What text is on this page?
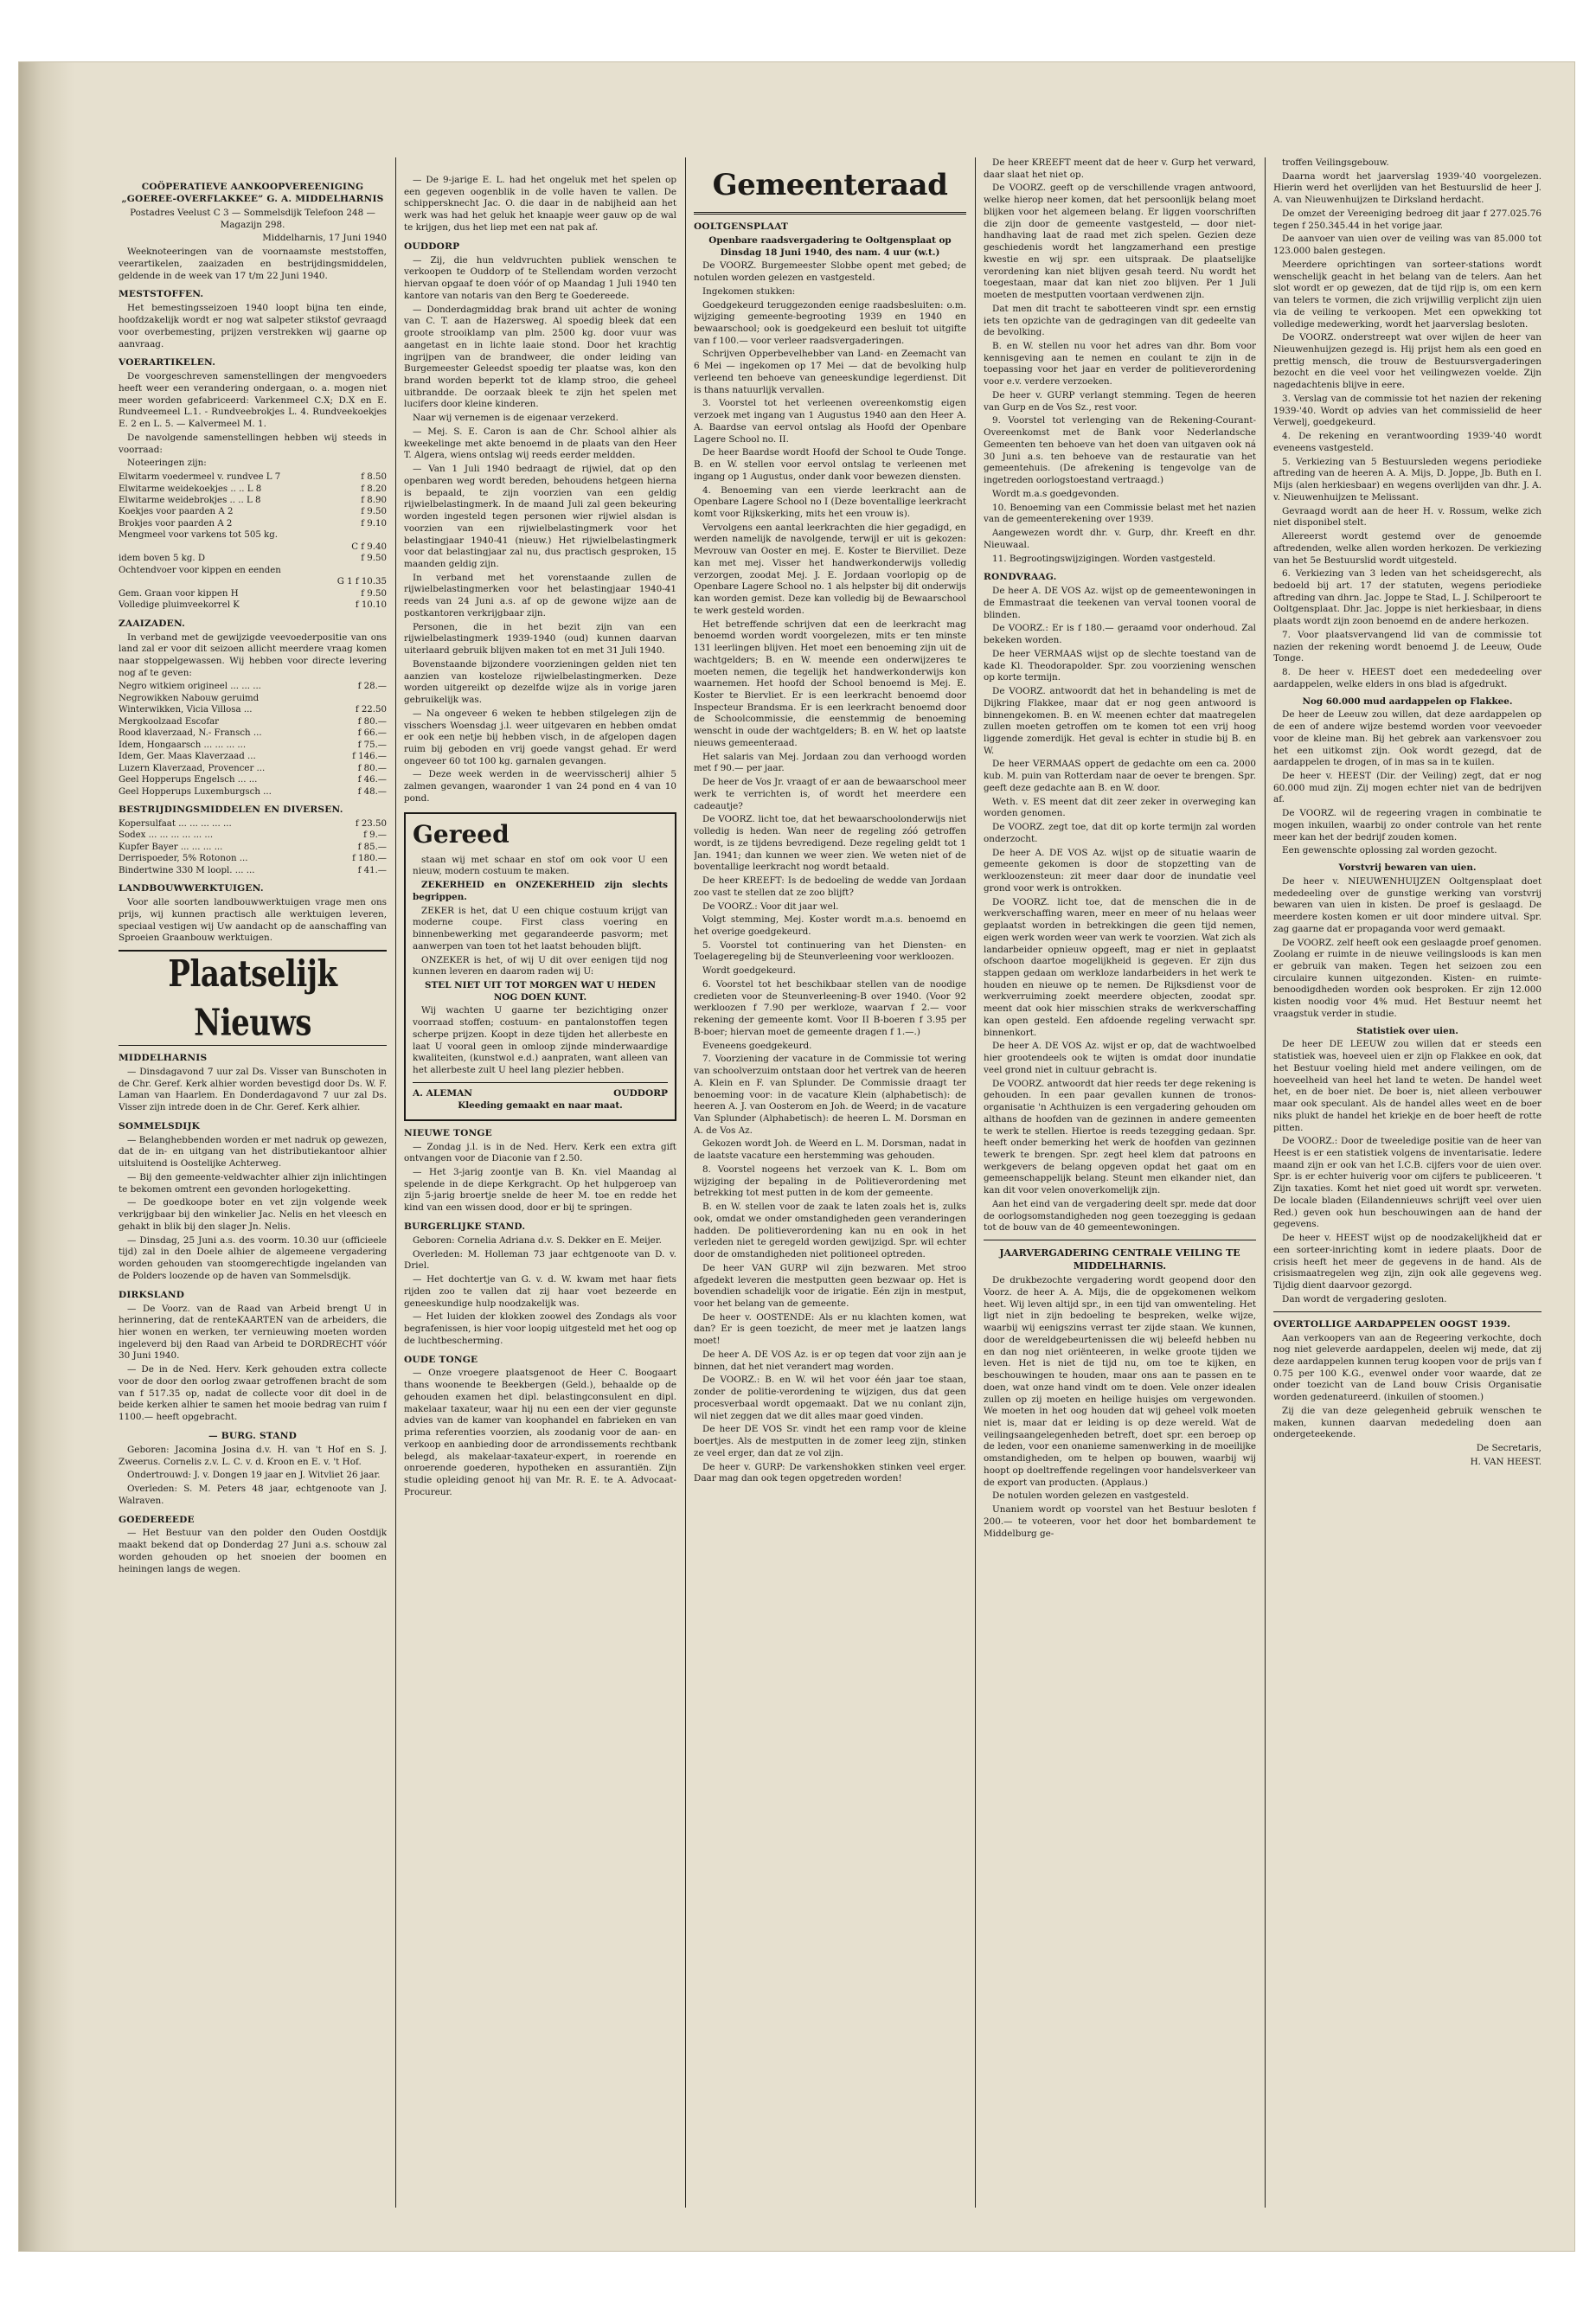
COÖPERATIEVE AANKOOPVEREENIGING „GOEREE-OVERFLAKKEE” G. A. MIDDELHARNIS

Postadres Veelust C 3 — Sommelsdijk Telefoon 248 — Magazijn 298.

Middelharnis, 17 Juni 1940

Weeknoteeringen van de voornaamste meststoffen, veerartikelen, zaaizaden en bestrijdingsmiddelen, geldende in de week van 17 t/m 22 Juni 1940.

MESTSTOFFEN.

Het bemestingsseizoen 1940 loopt bijna ten einde, hoofdzakelijk wordt er nog wat salpeter stikstof gevraagd voor overbemesting, prijzen verstrekken wij gaarne op aanvraag.

VOERARTIKELEN.

De voorgeschreven samenstellingen der mengvoeders heeft weer een verandering ondergaan, o. a. mogen niet meer worden gefabriceerd: Varkenmeel C.X; D.X en E. Rundveemeel L.1. - Rundveebrokjes L. 4. Rundveekoekjes E. 2 en L. 5. — Kalvermeel M. 1.

De navolgende samenstellingen hebben wij steeds in voorraad:

Noteeringen zijn:

Elwitarm voedermeel v. rundvee L 7	f 8.50
Elwitarme weidekoekjes .. .. L 8	f 8.20
Elwitarme weidebrokjes .. .. L 8	f 8.90
Koekjes voor paarden A 2	f 9.50
Brokjes voor paarden A 2	f 9.10
Mengmeel voor varkens tot 505 kg.	
	C f 9.40
idem boven 5 kg. D	f 9.50
Ochtendvoer voor kippen en eenden	
	G 1 f 10.35
Gem. Graan voor kippen H	f 9.50
Volledige pluimveekorrel K	f 10.10
ZAAIZADEN.

In verband met de gewijzigde veevoederpositie van ons land zal er voor dit seizoen allicht meerdere vraag komen naar stoppelgewassen. Wij hebben voor directe levering nog af te geven:

Negro witkiem origineel ... ... ...	f 28.—
Negrowikken Nabouw geruimd	
Winterwikken, Vicia Villosa ...	f 22.50
Mergkoolzaad Escofar	f 80.—
Rood klaverzaad, N.- Fransch ...	f 66.—
Idem, Hongaarsch ... ... ... ...	f 75.—
Idem, Ger. Maas Klaverzaad ...	f 146.—
Luzern Klaverzaad, Provencer ...	f 80.—
Geel Hopperups Engelsch ... ...	f 46.—
Geel Hopperups Luxemburgsch ...	f 48.—
BESTRIJDINGSMIDDELEN EN DIVERSEN.
Kopersulfaat ... ... ... ... ...	f 23.50
Sodex ... ... ... ... ... ...	f 9.—
Kupfer Bayer ... ... ... ...	f 85.—
Derrispoeder, 5% Rotonon ...	f 180.—
Bindertwine 330 M loopl. ... ...	f 41.—
LANDBOUWWERKTUIGEN.

Voor alle soorten landbouwwerktuigen vrage men ons prijs, wij kunnen practisch alle werktuigen leveren, speciaal vestigen wij Uw aandacht op de aanschaffing van Sproeien Graanbouw werktuigen.

Plaatselijk Nieuws
MIDDELHARNIS

— Dinsdagavond 7 uur zal Ds. Visser van Bunschoten in de Chr. Geref. Kerk alhier worden bevestigd door Ds. W. F. Laman van Haarlem. En Donderdagavond 7 uur zal Ds. Visser zijn intrede doen in de Chr. Geref. Kerk alhier.

SOMMELSDIJK

— Belanghebbenden worden er met nadruk op gewezen, dat de in- en uitgang van het distributiekantoor alhier uitsluitend is Oostelijke Achterweg.

— Bij den gemeente-veldwachter alhier zijn inlichtingen te bekomen omtrent een gevonden horlogeketting.

— De goedkoope boter en vet zijn volgende week verkrijgbaar bij den winkelier Jac. Nelis en het vleesch en gehakt in blik bij den slager Jn. Nelis.

— Dinsdag, 25 Juni a.s. des voorm. 10.30 uur (officieele tijd) zal in den Doele alhier de algemeene vergadering worden gehouden van stoomgerechtigde ingelanden van de Polders loozende op de haven van Sommelsdijk.

DIRKSLAND

— De Voorz. van de Raad van Arbeid brengt U in herinnering, dat de renteKAARTEN van de arbeiders, die hier wonen en werken, ter vernieuwing moeten worden ingeleverd bij den Raad van Arbeid te DORDRECHT vóór 30 Juni 1940.

— De in de Ned. Herv. Kerk gehouden extra collecte voor de door den oorlog zwaar getroffenen bracht de som van f 517.35 op, nadat de collecte voor dit doel in de beide kerken alhier te samen het mooie bedrag van ruim f 1100.— heeft opgebracht.

— BURG. STAND

Geboren: Jacomina Josina d.v. H. van 't Hof en S. J. Zweerus. Cornelis z.v. L. C. v. d. Kroon en E. v. 't Hof.

Ondertrouwd: J. v. Dongen 19 jaar en J. Witvliet 26 jaar.

Overleden: S. M. Peters 48 jaar, echtgenoote van J. Walraven.

GOEDEREEDE

— Het Bestuur van den polder den Ouden Oostdijk maakt bekend dat op Donderdag 27 Juni a.s. schouw zal worden gehouden op het snoeien der boomen en heiningen langs de wegen.

— De 9-jarige E. L. had het ongeluk met het spelen op een gegeven oogenblik in de volle haven te vallen. De schippersknecht Jac. O. die daar in de nabijheid aan het werk was had het geluk het knaapje weer gauw op de wal te krijgen, dus het liep met een nat pak af.

OUDDORP

— Zij, die hun veldvruchten publiek wenschen te verkoopen te Ouddorp of te Stellendam worden verzocht hiervan opgaaf te doen vóór of op Maandag 1 Juli 1940 ten kantore van notaris van den Berg te Goedereede.

— Donderdagmiddag brak brand uit achter de woning van C. T. aan de Hazersweg. Al spoedig bleek dat een groote strooiklamp van plm. 2500 kg. door vuur was aangetast en in lichte laaie stond. Door het krachtig ingrijpen van de brandweer, die onder leiding van Burgemeester Geleedst spoedig ter plaatse was, kon den brand worden beperkt tot de klamp stroo, die geheel uitbrandde. De oorzaak bleek te zijn het spelen met lucifers door kleine kinderen.

Naar wij vernemen is de eigenaar verzekerd.

— Mej. S. E. Caron is aan de Chr. School alhier als kweekelinge met akte benoemd in de plaats van den Heer T. Algera, wiens ontslag wij reeds eerder meldden.

— Van 1 Juli 1940 bedraagt de rijwiel, dat op den openbaren weg wordt bereden, behoudens hetgeen hierna is bepaald, te zijn voorzien van een geldig rijwielbelastingmerk. In de maand Juli zal geen bekeuring worden ingesteld tegen personen wier rijwiel alsdan is voorzien van een rijwielbelastingmerk voor het belastingjaar 1940-41 (nieuw.) Het rijwielbelastingmerk voor dat belastingjaar zal nu, dus practisch gesproken, 15 maanden geldig zijn.

In verband met het vorenstaande zullen de rijwielbelastingmerken voor het belastingjaar 1940-41 reeds van 24 Juni a.s. af op de gewone wijze aan de postkantoren verkrijgbaar zijn.

Personen, die in het bezit zijn van een rijwielbelastingmerk 1939-1940 (oud) kunnen daarvan uiterlaard gebruik blijven maken tot en met 31 Juli 1940.

Bovenstaande bijzondere voorzieningen gelden niet ten aanzien van kosteloze rijwielbelastingmerken. Deze worden uitgereikt op dezelfde wijze als in vorige jaren gebruikelijk was.

— Na ongeveer 6 weken te hebben stilgelegen zijn de visschers Woensdag j.l. weer uitgevaren en hebben omdat er ook een netje bij hebben visch, in de afgelopen dagen ruim bij geboden en vrij goede vangst gehad. Er werd ongeveer 60 tot 100 kg. garnalen gevangen.

— Deze week werden in de weervisscherij alhier 5 zalmen gevangen, waaronder 1 van 24 pond en 4 van 10 pond.

Gereed

staan wij met schaar en stof om ook voor U een nieuw, modern costuum te maken.

ZEKERHEID en ONZEKERHEID zijn slechts begrippen.

ZEKER is het, dat U een chique costuum krijgt van moderne coupe. First class voering en binnenbewerking met gegarandeerde pasvorm; met aanwerpen van toen tot het laatst behouden blijft.

ONZEKER is het, of wij U dit over eenigen tijd nog kunnen leveren en daarom raden wij U:

STEL NIET UIT TOT MORGEN WAT U HEDEN NOG DOEN KUNT.

Wij wachten U gaarne ter bezichtiging onzer voorraad stoffen; costuum- en pantalonstoffen tegen scherpe prijzen. Koopt in deze tijden het allerbeste en laat U vooral geen in omloop zijnde minderwaardige kwaliteiten, (kunstwol e.d.) aanpraten, want alleen van het allerbeste zult U heel lang plezier hebben.

A. ALEMAN	OUDDORP

Kleeding gemaakt en naar maat.

NIEUWE TONGE

— Zondag j.l. is in de Ned. Herv. Kerk een extra gift ontvangen voor de Diaconie van f 2.50.

— Het 3-jarig zoontje van B. Kn. viel Maandag al spelende in de diepe Kerkgracht. Op het hulpgeroep van zijn 5-jarig broertje snelde de heer M. toe en redde het kind van een wissen dood, door er bij te springen.

BURGERLIJKE STAND.

Geboren: Cornelia Adriana d.v. S. Dekker en E. Meijer.

Overleden: M. Holleman 73 jaar echtgenoote van D. v. Driel.

— Het dochtertje van G. v. d. W. kwam met haar fiets rijden zoo te vallen dat zij haar voet bezeerde en geneeskundige hulp noodzakelijk was.

— Het luiden der klokken zoowel des Zondags als voor begrafenissen, is hier voor loopig uitgesteld met het oog op de luchtbescherming.

OUDE TONGE

— Onze vroegere plaatsgenoot de Heer C. Boogaart thans woonende te Beekbergen (Geld.), behaalde op de gehouden examen het dipl. belastingconsulent en dipl. makelaar taxateur, waar hij nu een een der vier gegunste advies van de kamer van koophandel en fabrieken en van prima referenties voorzien, als zoodanig voor de aan- en verkoop en aanbieding door de arrondissements rechtbank belegd, als makelaar-taxateur-expert, in roerende en onroerende goederen, hypotheken en assurantiën. Zijn studie opleiding genoot hij van Mr. R. E. te A. Advocaat-Procureur.

Gemeenteraad
OOLTGENSPLAAT

Openbare raadsvergadering te Ooltgensplaat op Dinsdag 18 Juni 1940, des nam. 4 uur (w.t.)

De VOORZ. Burgemeester Slobbe opent met gebed; de notulen worden gelezen en vastgesteld.

Ingekomen stukken:

Goedgekeurd teruggezonden eenige raadsbesluiten: o.m. wijziging gemeente-begrooting 1939 en 1940 en bewaarschool; ook is goedgekeurd een besluit tot uitgifte van f 100.— voor verleer raadsvergaderingen.

Schrijven Opperbevelhebber van Land- en Zeemacht van 6 Mei — ingekomen op 17 Mei — dat de bevolking hulp verleend ten behoeve van geneeskundige legerdienst. Dit is thans natuurlijk vervallen.

3. Voorstel tot het verleenen overeenkomstig eigen verzoek met ingang van 1 Augustus 1940 aan den Heer A. A. Baardse van eervol ontslag als Hoofd der Openbare Lagere School no. II.

De heer Baardse wordt Hoofd der School te Oude Tonge. B. en W. stellen voor eervol ontslag te verleenen met ingang op 1 Augustus, onder dank voor bewezen diensten.

4. Benoeming van een vierde leerkracht aan de Openbare Lagere School no I (Deze boventallige leerkracht komt voor Rijkskerking, mits het een vrouw is).

Vervolgens een aantal leerkrachten die hier gegadigd, en werden namelijk de navolgende, terwijl er uit is gekozen: Mevrouw van Ooster en mej. E. Koster te Bierviliet. Deze kan met mej. Visser het handwerkonderwijs volledig verzorgen, zoodat Mej. J. E. Jordaan voorlopig op de Openbare Lagere School no. 1 als helpster bij dit onderwijs kan worden gemist. Deze kan volledig bij de Bewaarschool te werk gesteld worden.

Het betreffende schrijven dat een de leerkracht mag benoemd worden wordt voorgelezen, mits er ten minste 131 leerlingen blijven. Het moet een benoeming zijn uit de wachtgelders; B. en W. meende een onderwijzeres te moeten nemen, die tegelijk het handwerkonderwijs kon waarnemen. Het hoofd der School benoemd is Mej. E. Koster te Biervliet. Er is een leerkracht benoemd door Inspecteur Brandsma. Er is een leerkracht benoemd door de Schoolcommissie, die eenstemmig de benoeming wenscht in oude der wachtgelders; B. en W. het op laatste nieuws gemeenteraad.

Het salaris van Mej. Jordaan zou dan verhoogd worden met f 90.— per jaar.

De heer de Vos Jr. vraagt of er aan de bewaarschool meer werk te verrichten is, of wordt het meerdere een cadeautje?

De VOORZ. licht toe, dat het bewaarschoolonderwijs niet volledig is heden. Wan neer de regeling zóó getroffen wordt, is ze tijdens bevredigend. Deze regeling geldt tot 1 Jan. 1941; dan kunnen we weer zien. We weten niet of de boventallige leerkracht nog wordt betaald.

De heer KREEFT: Is de bedoeling de wedde van Jordaan zoo vast te stellen dat ze zoo blijft?

De VOORZ.: Voor dit jaar wel.

Volgt stemming, Mej. Koster wordt m.a.s. benoemd en het overige goedgekeurd.

5. Voorstel tot continuering van het Diensten- en Toelageregeling bij de Steunverleening voor werkloozen.

Wordt goedgekeurd.

6. Voorstel tot het beschikbaar stellen van de noodige credieten voor de Steunverleening-B over 1940. (Voor 92 werkloozen f 7.90 per werkloze, waarvan f 2.— voor rekening der gemeente komt. Voor II B-boeren f 3.95 per B-boer; hiervan moet de gemeente dragen f 1.—.)

Eveneens goedgekeurd.

7. Voorziening der vacature in de Commissie tot wering van schoolverzuim ontstaan door het vertrek van de heeren A. Klein en F. van Splunder. De Commissie draagt ter benoeming voor: in de vacature Klein (alphabetisch): de heeren A. J. van Oosterom en Joh. de Weerd; in de vacature Van Splunder (Alphabetisch): de heeren L. M. Dorsman en A. de Vos Az.

Gekozen wordt Joh. de Weerd en L. M. Dorsman, nadat in de laatste vacature een herstemming was gehouden.

8. Voorstel nogeens het verzoek van K. L. Bom om wijziging der bepaling in de Politieverordening met betrekking tot mest putten in de kom der gemeente.

B. en W. stellen voor de zaak te laten zoals het is, zulks ook, omdat we onder omstandigheden geen veranderingen hadden. De politieverordening kan nu en ook in het verleden niet te geregeld worden gewijzigd. Spr. wil echter door de omstandigheden niet politioneel optreden.

De heer VAN GURP wil zijn bezwaren. Met stroo afgedekt leveren die mestputten geen bezwaar op. Het is bovendien schadelijk voor de irigatie. Eén zijn in mestput, voor het belang van de gemeente.

De heer v. OOSTENDE: Als er nu klachten komen, wat dan? Er is geen toezicht, de meer met je laatzen langs moet!

De heer A. DE VOS Az. is er op tegen dat voor zijn aan je binnen, dat het niet verandert mag worden.

De VOORZ.: B. en W. wil het voor één jaar toe staan, zonder de politie-verordening te wijzigen, dus dat geen procesverbaal wordt opgemaakt. Dat we nu conlant zijn, wil niet zeggen dat we dit alles maar goed vinden.

De heer DE VOS Sr. vindt het een ramp voor de kleine boertjes. Als de mestputten in de zomer leeg zijn, stinken ze veel erger, dan dat ze vol zijn.

De heer v. GURP: De varkenshokken stinken veel erger. Daar mag dan ook tegen opgetreden worden!

De heer KREEFT meent dat de heer v. Gurp het verward, daar slaat het niet op.

De VOORZ. geeft op de verschillende vragen antwoord, welke hierop neer komen, dat het persoonlijk belang moet blijken voor het algemeen belang. Er liggen voorschriften die zijn door de gemeente vastgesteld, — door niet-handhaving laat de raad met zich spelen. Gezien deze geschiedenis wordt het langzamerhand een prestige kwestie en wij spr. een uitspraak. De plaatselijke verordening kan niet blijven gesah teerd. Nu wordt het toegestaan, maar dat kan niet zoo blijven. Per 1 Juli moeten de mestputten voortaan verdwenen zijn.

Dat men dit tracht te sabotteeren vindt spr. een ernstig iets ten opzichte van de gedragingen van dit gedeelte van de bevolking.

B. en W. stellen nu voor het adres van dhr. Bom voor kennisgeving aan te nemen en coulant te zijn in de toepassing voor het jaar en verder de politieverordening voor e.v. verdere verzoeken.

De heer v. GURP verlangt stemming. Tegen de heeren van Gurp en de Vos Sz., rest voor.

9. Voorstel tot verlenging van de Rekening-Courant-Overeenkomst met de Bank voor Nederlandsche Gemeenten ten behoeve van het doen van uitgaven ook ná 30 Juni a.s. ten behoeve van de restauratie van het gemeentehuis. (De afrekening is tengevolge van de ingetreden oorlogstoestand vertraagd.)

Wordt m.a.s goedgevonden.

10. Benoeming van een Commissie belast met het nazien van de gemeenterekening over 1939.

Aangewezen wordt dhr. v. Gurp, dhr. Kreeft en dhr. Nieuwaal.

11. Begrootingswijzigingen. Worden vastgesteld.

RONDVRAAG.

De heer A. DE VOS Az. wijst op de gemeentewoningen in de Emmastraat die teekenen van verval toonen vooral de blinden.

De VOORZ.: Er is f 180.— geraamd voor onderhoud. Zal bekeken worden.

De heer VERMAAS wijst op de slechte toestand van de kade Kl. Theodorapolder. Spr. zou voorziening wenschen op korte termijn.

De VOORZ. antwoordt dat het in behandeling is met de Dijkring Flakkee, maar dat er nog geen antwoord is binnengekomen. B. en W. meenen echter dat maatregelen zullen moeten getroffen om te komen tot een vrij hoog liggende zomerdijk. Het geval is echter in studie bij B. en W.

De heer VERMAAS oppert de gedachte om een ca. 2000 kub. M. puin van Rotterdam naar de oever te brengen. Spr. geeft deze gedachte aan B. en W. door.

Weth. v. ES meent dat dit zeer zeker in overweging kan worden genomen.

De VOORZ. zegt toe, dat dit op korte termijn zal worden onderzocht.

De heer A. DE VOS Az. wijst op de situatie waarin de gemeente gekomen is door de stopzetting van de werkloozensteun: zit meer daar door de inundatie veel grond voor werk is ontrokken.

De VOORZ. licht toe, dat de menschen die in de werkverschaffing waren, meer en meer of nu helaas weer geplaatst worden in betrekkingen die geen tijd nemen, eigen werk worden weer van werk te voorzien. Wat zich als landarbeider opnieuw opgeeft, mag er niet in geplaatst ofschoon daartoe mogelijkheid is gegeven. Er zijn dus stappen gedaan om werkloze landarbeiders in het werk te houden en nieuwe op te nemen. De Rijksdienst voor de werkverruiming zoekt meerdere objecten, zoodat spr. meent dat ook hier misschien straks de werkverschaffing kan open gesteld. Een afdoende regeling verwacht spr. binnenkort.

De heer A. DE VOS Az. wijst er op, dat de wachtwoelbed hier grootendeels ook te wijten is omdat door inundatie veel grond niet in cultuur gebracht is.

De VOORZ. antwoordt dat hier reeds ter dege rekening is gehouden. In een paar gevallen kunnen de tronos-organisatie 'n Achthuizen is een vergadering gehouden om althans de hoofden van de gezinnen in andere gemeenten te werk te stellen. Hiertoe is reeds tezegging gedaan. Spr. heeft onder bemerking het werk de hoofden van gezinnen tewerk te brengen. Spr. zegt heel klem dat patroons en werkgevers de belang opgeven opdat het gaat om en gemeenschappelijk belang. Steunt men elkander niet, dan kan dit voor velen onoverkomelijk zijn.

Aan het eind van de vergadering deelt spr. mede dat door de oorlogsomstandigheden nog geen toezegging is gedaan tot de bouw van de 40 gemeentewoningen.

JAARVERGADERING CENTRALE VEILING TE MIDDELHARNIS.

De drukbezochte vergadering wordt geopend door den Voorz. de heer A. A. Mijs, die de opgekomenen welkom heet. Wij leven altijd spr., in een tijd van omwenteling. Het ligt niet in zijn bedoeling te bespreken, welke wijze, waarbij wij eenigszins verrast ter zijde staan. We kunnen, door de wereldgebeurtenissen die wij beleefd hebben nu en dan nog niet oriënteeren, in welke groote tijden we leven. Het is niet de tijd nu, om toe te kijken, en beschouwingen te houden, maar ons aan te passen en te doen, wat onze hand vindt om te doen. Vele onzer idealen zullen op zij moeten en heilige huisjes om vergewonden. We moeten in het oog houden dat wij geheel volk moeten niet is, maar dat er leiding is op deze wereld. Wat de veilingsaangelegenheden betreft, doet spr. een beroep op de leden, voor een onanieme samenwerking in de moeilijke omstandigheden, om te helpen op bouwen, waarbij wij hoopt op doeltreffende regelingen voor handelsverkeer van de export van producten. (Applaus.)

De notulen worden gelezen en vastgesteld.

Unaniem wordt op voorstel van het Bestuur besloten f 200.— te voteeren, voor het door het bombardement te Middelburg ge-

troffen Veilingsgebouw.

Daarna wordt het jaarverslag 1939-'40 voorgelezen. Hierin werd het overlijden van het Bestuurslid de heer J. A. van Nieuwenhuijzen te Dirksland herdacht.

De omzet der Vereeniging bedroeg dit jaar f 277.025.76 tegen f 250.345.44 in het vorige jaar.

De aanvoer van uien over de veiling was van 85.000 tot 123.000 balen gestegen.

Meerdere oprichtingen van sorteer-stations wordt wenschelijk geacht in het belang van de telers. Aan het slot wordt er op gewezen, dat de tijd rijp is, om een kern van telers te vormen, die zich vrijwillig verplicht zijn uien via de veiling te verkoopen. Met een opwekking tot volledige medewerking, wordt het jaarverslag besloten.

De VOORZ. onderstreept wat over wijlen de heer van Nieuwenhuijzen gezegd is. Hij prijst hem als een goed en prettig mensch, die trouw de Bestuursvergaderingen bezocht en die veel voor het veilingwezen voelde. Zijn nagedachtenis blijve in eere.

3. Verslag van de commissie tot het nazien der rekening 1939-'40. Wordt op advies van het commissielid de heer Verwelj, goedgekeurd.

4. De rekening en verantwoording 1939-'40 wordt eveneens vastgesteld.

5. Verkiezing van 5 Bestuursleden wegens periodieke aftreding van de heeren A. A. Mijs, D. Joppe, Jb. Buth en I. Mijs (alen herkiesbaar) en wegens overlijden van dhr. J. A. v. Nieuwenhuijzen te Melissant.

Gevraagd wordt aan de heer H. v. Rossum, welke zich niet disponibel stelt.

Allereerst wordt gestemd over de genoemde aftredenden, welke allen worden herkozen. De verkiezing van het 5e Bestuurslid wordt uitgesteld.

6. Verkiezing van 3 leden van het scheidsgerecht, als bedoeld bij art. 17 der statuten, wegens periodieke aftreding van dhrn. Jac. Joppe te Stad, L. J. Schilperoort te Ooltgensplaat. Dhr. Jac. Joppe is niet herkiesbaar, in diens plaats wordt zijn zoon benoemd en de andere herkozen.

7. Voor plaatsvervangend lid van de commissie tot nazien der rekening wordt benoemd J. de Leeuw, Oude Tonge.

8. De heer v. HEEST doet een mededeeling over aardappelen, welke elders in ons blad is afgedrukt.

Nog 60.000 mud aardappelen op Flakkee.

De heer de Leeuw zou willen, dat deze aardappelen op de een of andere wijze bestemd worden voor veevoeder voor de kleine man. Bij het gebrek aan varkensvoer zou het een uitkomst zijn. Ook wordt gezegd, dat de aardappelen te drogen, of in mas sa in te kuilen.

De heer v. HEEST (Dir. der Veiling) zegt, dat er nog 60.000 mud zijn. Zij mogen echter niet van de bedrijven af.

De VOORZ. wil de regeering vragen in combinatie te mogen inkuilen, waarbij zo onder controle van het rente meer kan het der bedrijf zouden komen.

Een gewenschte oplossing zal worden gezocht.

Vorstvrij bewaren van uien.

De heer v. NIEUWENHUIJZEN Ooltgensplaat doet mededeeling over de gunstige werking van vorstvrij bewaren van uien in kisten. De proef is geslaagd. De meerdere kosten komen er uit door mindere uitval. Spr. zag gaarne dat er propaganda voor werd gemaakt.

De VOORZ. zelf heeft ook een geslaagde proef genomen. Zoolang er ruimte in de nieuwe veilingsloods is kan men er gebruik van maken. Tegen het seizoen zou een circulaire kunnen uitgezonden. Kisten- en ruimte-benoodigdheden worden ook besproken. Er zijn 12.000 kisten noodig voor 4% mud. Het Bestuur neemt het vraagstuk verder in studie.

Statistiek over uien.

De heer DE LEEUW zou willen dat er steeds een statistiek was, hoeveel uien er zijn op Flakkee en ook, dat het Bestuur voeling hield met andere veilingen, om de hoeveelheid van heel het land te weten. De handel weet het, en de boer niet. De boer is, niet alleen verbouwer maar ook speculant. Als de handel alles weet en de boer niks plukt de handel het kriekje en de boer heeft de rotte pitten.

De VOORZ.: Door de tweeledige positie van de heer van Heest is er een statistiek volgens de inventarisatie. Iedere maand zijn er ook van het I.C.B. cijfers voor de uien over. Spr. is er echter huiverig voor om cijfers te publiceeren. 't Zijn taxaties. Komt het niet goed uit wordt spr. verweten. De locale bladen (Eilandennieuws schrijft veel over uien Red.) geven ook hun beschouwingen aan de hand der gegevens.

De heer v. HEEST wijst op de noodzakelijkheid dat er een sorteer-inrichting komt in iedere plaats. Door de crisis heeft het meer de gegevens in de hand. Als de crisismaatregelen weg zijn, zijn ook alle gegevens weg. Tijdig dient daarvoor gezorgd.

Dan wordt de vergadering gesloten.

OVERTOLLIGE AARDAPPELEN OOGST 1939.

Aan verkoopers van aan de Regeering verkochte, doch nog niet geleverde aardappelen, deelen wij mede, dat zij deze aardappelen kunnen terug koopen voor de prijs van f 0.75 per 100 K.G., evenwel onder voor waarde, dat ze onder toezicht van de Land bouw Crisis Organisatie worden gedenatureerd. (inkuilen of stoomen.)

Zij die van deze gelegenheid gebruik wenschen te maken, kunnen daarvan mededeling doen aan ondergeteekende.

De Secretaris,

H. VAN HEEST.
